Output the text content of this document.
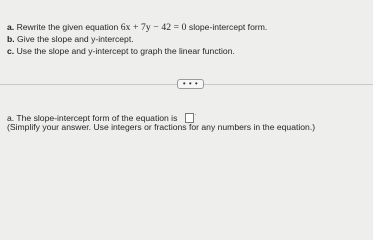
a. Rewrite the given equation 6x + 7y − 42 = 0 slope-intercept form.
b. Give the slope and y-intercept.
c. Use the slope and y-intercept to graph the linear function.
• • •
a. The slope-intercept form of the equation is	.
(Simplify your answer. Use integers or fractions for any numbers in the equation.)
